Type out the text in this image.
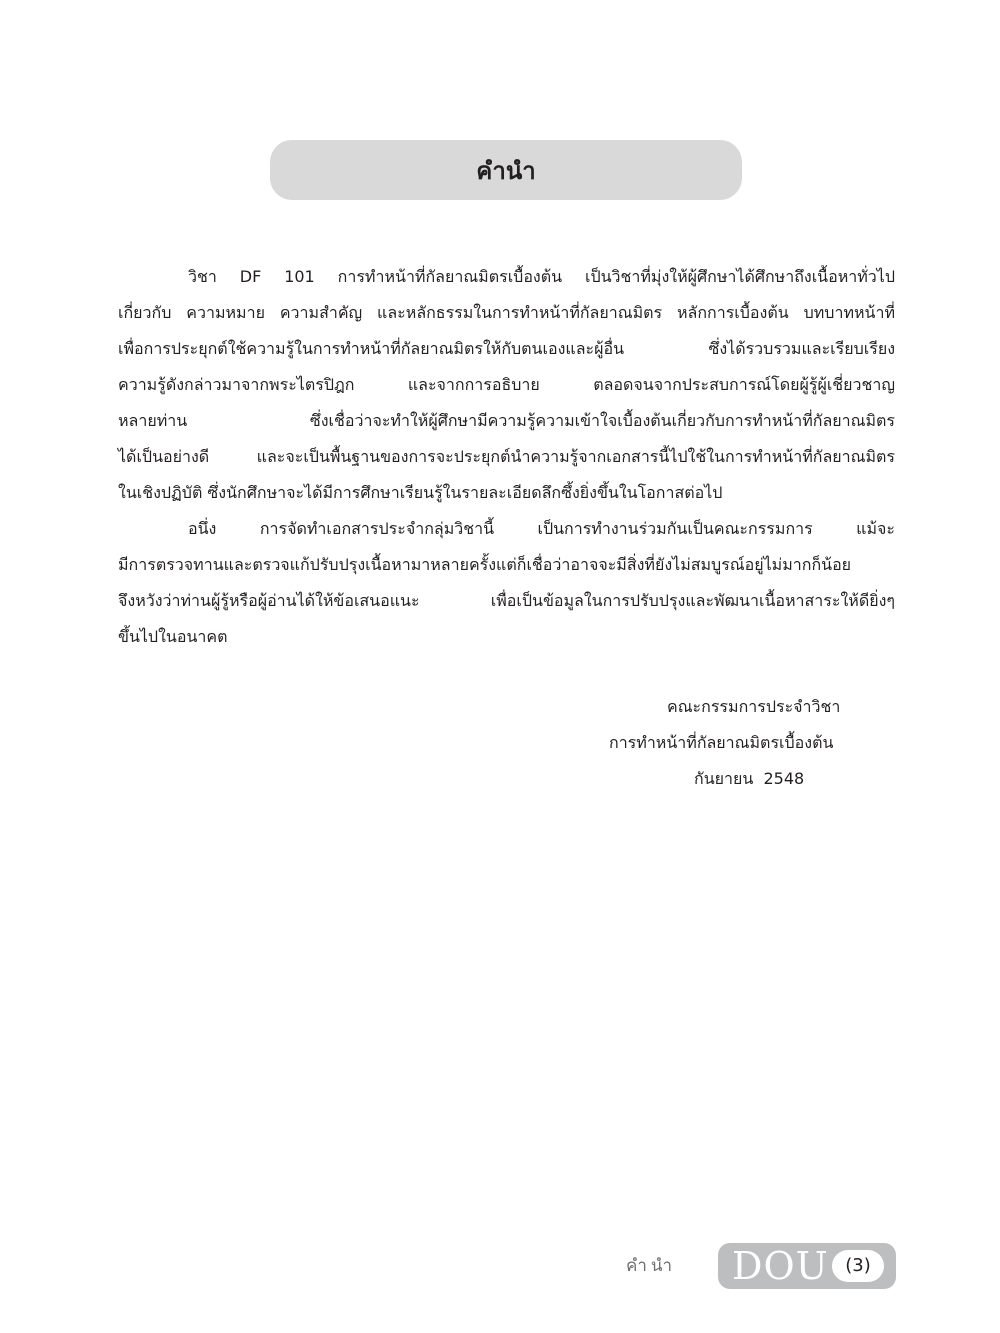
คำนำ
วิชา DF 101 การทำหน้าที่กัลยาณมิตรเบื้องต้น เป็นวิชาที่มุ่งให้ผู้ศึกษาได้ศึกษาถึงเนื้อหาทั่วไป
เกี่ยวกับ ความหมาย ความสำคัญ และหลักธรรมในการทำหน้าที่กัลยาณมิตร หลักการเบื้องต้น บทบาทหน้าที่
เพื่อการประยุกต์ใช้ความรู้ในการทำหน้าที่กัลยาณมิตรให้กับตนเองและผู้อื่น ซึ่งได้รวบรวมและเรียบเรียง
ความรู้ดังกล่าวมาจากพระไตรปิฎก และจากการอธิบาย ตลอดจนจากประสบการณ์โดยผู้รู้ผู้เชี่ยวชาญ
หลายท่าน ซึ่งเชื่อว่าจะทำให้ผู้ศึกษามีความรู้ความเข้าใจเบื้องต้นเกี่ยวกับการทำหน้าที่กัลยาณมิตร
ได้เป็นอย่างดี และจะเป็นพื้นฐานของการจะประยุกต์นำความรู้จากเอกสารนี้ไปใช้ในการทำหน้าที่กัลยาณมิตร
ในเชิงปฏิบัติ ซึ่งนักศึกษาจะได้มีการศึกษาเรียนรู้ในรายละเอียดลึกซึ้งยิ่งขึ้นในโอกาสต่อไป
อนึ่ง การจัดทำเอกสารประจำกลุ่มวิชานี้ เป็นการทำงานร่วมกันเป็นคณะกรรมการ แม้จะ
มีการตรวจทานและตรวจแก้ปรับปรุงเนื้อหามาหลายครั้งแต่ก็เชื่อว่าอาจจะมีสิ่งที่ยังไม่สมบูรณ์อยู่ไม่มากก็น้อย
จึงหวังว่าท่านผู้รู้หรือผู้อ่านได้ให้ข้อเสนอแนะ เพื่อเป็นข้อมูลในการปรับปรุงและพัฒนาเนื้อหาสาระให้ดียิ่งๆ
ขึ้นไปในอนาคต
คณะกรรมการประจำวิชา
การทำหน้าที่กัลยาณมิตรเบื้องต้น
กันยายน  2548
คำนำ DOU (3)
